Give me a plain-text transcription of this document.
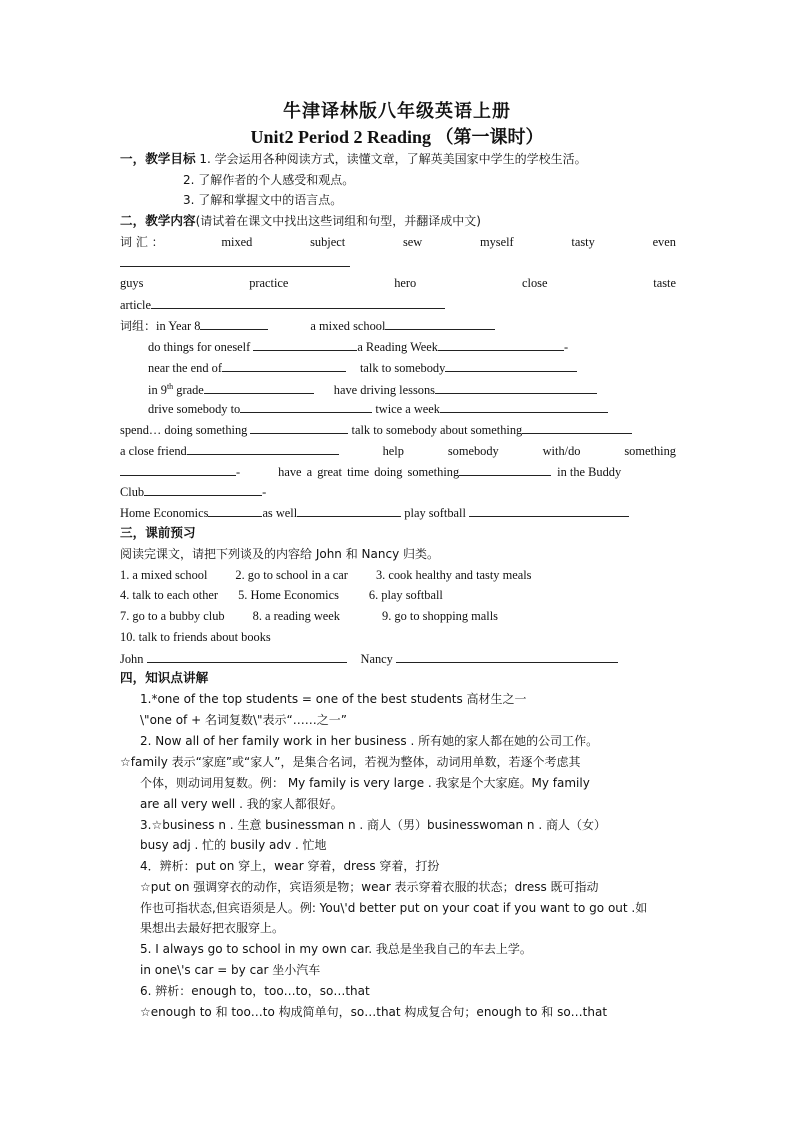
牛津译林版八年级英语上册
Unit2 Period 2 Reading （第一课时）
一，教学目标 1. 学会运用各种阅读方式，读懂文章，了解英美国家中学生的学校生活。
2. 了解作者的个人感受和观点。
3. 了解和掌握文中的语言点。
二，教学内容(请试着在课文中找出这些词组和句型，并翻译成中文)
词 汇 ：	mixed	subject	sew	myself	tasty	even
guys	practice	hero	close	taste
article
词组：in Year 8	a mixed school
do things for oneself	a Reading Week	-
near the end of	talk to somebody
in 9th grade	have driving lessons
drive somebody to	twice a week
spend… doing something	talk to somebody about something
a close friend	help	somebody	with/do	something
-	have a great time doing something	in the Buddy
Club	-
Home Economics	as well	play softball
三，课前预习
阅读完课文，请把下列谈及的内容给 John 和 Nancy 归类。
1. a mixed school 2. go to school in a car 3. cook healthy and tasty meals
4. talk to each other 5. Home Economics 6. play softball
7. go to a bubby club 8. a reading week	9. go to shopping malls
10. talk to friends about books
John	Nancy
四，知识点讲解
1.*one of the top students = one of the best students 高材生之一
\"one of + 名词复数\"表示“……之一”
2. Now all of her family work in her business . 所有她的家人都在她的公司工作。
☆family 表示“家庭”或“家人”，是集合名词，若视为整体，动词用单数，若逐个考虑其
个体，则动词用复数。例： My family is very large . 我家是个大家庭。My family
are all very well . 我的家人都很好。
3.☆business n . 生意 businessman n . 商人（男）businesswoman n . 商人（女）
busy adj . 忙的 busily adv . 忙地
4．辨析：put on 穿上，wear 穿着，dress 穿着，打扮
☆put on 强调穿衣的动作，宾语须是物；wear 表示穿着衣服的状态；dress 既可指动
作也可指状态,但宾语须是人。例: You\'d better put on your coat if you want to go out .如
果想出去最好把衣服穿上。
5. I always go to school in my own car. 我总是坐我自己的车去上学。
in one\'s car = by car 坐小汽车
6. 辨析：enough to，too…to，so…that
☆enough to 和 too…to 构成简单句，so…that 构成复合句；enough to 和 so…that
